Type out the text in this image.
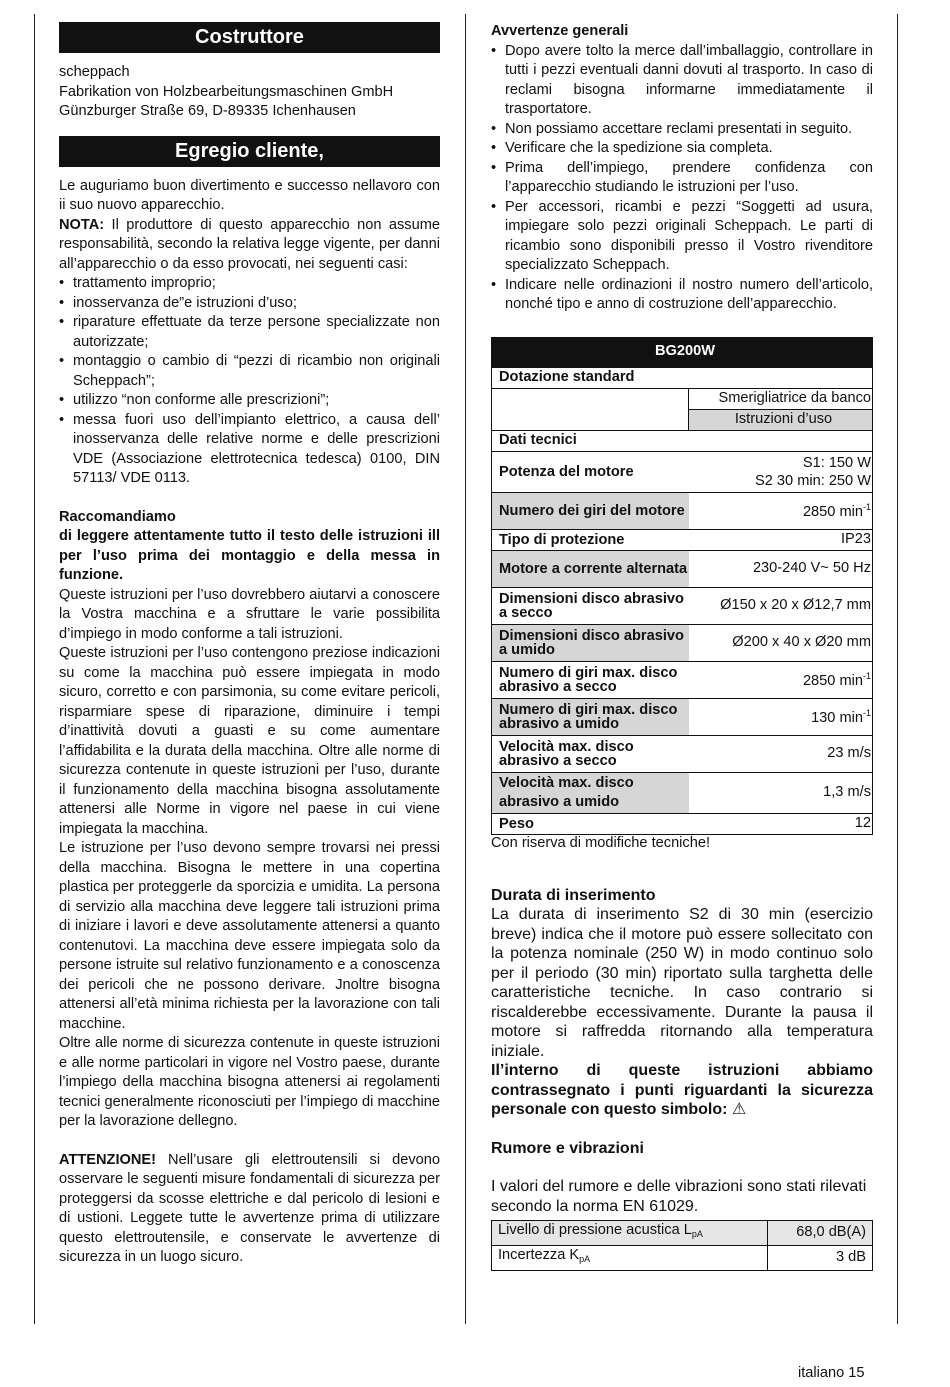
Costruttore

scheppach

Fabrikation von Holzbearbeitungsmaschinen GmbH

Günzburger Straße 69, D-89335 Ichenhausen

Egregio cliente,

Le auguriamo buon divertimento e successo nellavoro con ii suo nuovo apparecchio.

NOTA: Il produttore di questo apparecchio non assume responsabilità, secondo la relativa legge vigente, per danni all’apparecchio o da esso provocati, nei seguenti casi:

• trattamento improprio;
• inosservanza de”e istruzioni d’uso;
• riparature effettuate da terze persone specializzate non autorizzate;
• montaggio o cambio di “pezzi di ricambio non originali Scheppach”;
• utilizzo “non conforme alle prescrizioni”;
• messa fuori uso dell’impianto elettrico, a causa dell’ inosservanza delle relative norme e delle prescrizioni VDE (Associazione elettrotecnica tedesca) 0100, DIN 57113/ VDE 0113.

Raccomandiamo

di leggere attentamente tutto il testo delle istruzioni ill per l’uso prima dei montaggio e della messa in funzione.

Queste istruzioni per l’uso dovrebbero aiutarvi a conoscere la Vostra macchina e a sfruttare le varie possibilita d’impiego in modo conforme a tali istruzioni.

Queste istruzioni per l’uso contengono preziose indicazioni su come la macchina può essere impiegata in modo sicuro, corretto e con parsimonia, su come evitare pericoli, risparmiare spese di riparazione, diminuire i tempi d’inattività dovuti a guasti e su come aumentare l’affidabilita e la durata della macchina. Oltre alle norme di sicurezza contenute in queste istruzioni per l’uso, durante il funzionamento della macchina bisogna assolutamente attenersi alle Norme in vigore nel paese in cui viene impiegata la macchina.

Le istruzione per l’uso devono sempre trovarsi nei pressi della macchina. Bisogna le mettere in una copertina plastica per proteggerle da sporcizia e umidita. La persona di servizio alla macchina deve leggere tali istruzioni prima di iniziare i lavori e deve assolutamente attenersi a quanto contenutovi. La macchina deve essere impiegata solo da persone istruite sul relativo funzionamento e a conoscenza dei pericoli che ne possono derivare. Jnoltre bisogna attenersi all’età minima richiesta per la lavorazione con tali macchine.

Oltre alle norme di sicurezza contenute in queste istruzioni e alle norme particolari in vigore nel Vostro paese, durante l’impiego della macchina bisogna attenersi ai regolamenti tecnici generalmente riconosciuti per l’impiego di macchine per la lavorazione dellegno.

ATTENZIONE! Nell’usare gli elettroutensili si devono osservare le seguenti misure fondamentali di sicurezza per proteggersi da scosse elettriche e dal pericolo di lesioni e di ustioni. Leggete tutte le avvertenze prima di utilizzare questo elettroutensile, e conservate le avvertenze di sicurezza in un luogo sicuro.

Avvertenze generali

• Dopo avere tolto la merce dall’imballaggio, controllare in tutti i pezzi eventuali danni dovuti al trasporto. In caso di reclami bisogna informarne immediatamente il trasportatore.
• Non possiamo accettare reclami presentati in seguito.
• Verificare che la spedizione sia completa.
• Prima dell’impiego, prendere confidenza con l’apparecchio studiando le istruzioni per l’uso.
• Per accessori, ricambi e pezzi “Soggetti ad usura, impiegare solo pezzi originali Scheppach. Le parti di ricambio sono disponibili presso il Vostro rivenditore specializzato Scheppach.
• Indicare nelle ordinazioni il nostro numero dell’articolo, nonché tipo e anno di costruzione dell’apparecchio.
BG200W	
Dotazione standard	
	Smerigliatrice da banco
	Istruzioni d’uso
Dati tecnici	
Potenza del motore	S1: 150 W
S2 30 min: 250 W

Numero dei giri del motore	2850 $\min^{-1}$
Tipo di protezione	IP23
Motore a corrente alternata	230-240 V~ 50 Hz
Dimensioni disco abrasivo a secco	Ø150 x 20 x Ø12,7 mm
Dimensioni disco abrasivo a umido	Ø200 x 40 x Ø20 mm
Numero di giri max. disco abrasivo a secco	2850 $\min^{-1}$
Numero di giri max. disco abrasivo a umido	130 $\min^{-1}$
Velocità max. disco abrasivo a secco	23 m/s
Velocità max. disco abrasivo a umido	1,3 m/s
Peso	12

Con riserva di modifiche tecniche!

Durata di inserimento

La durata di inserimento S2 di 30 min (esercizio breve) indica che il motore può essere sollecitato con la potenza nominale (250 W) in modo continuo solo per il periodo (30 min) riportato sulla targhetta delle caratteristiche tecniche. In caso contrario si riscalderebbe eccessivamente. Durante la pausa il motore si raffredda ritornando alla temperatura iniziale.

Il’interno di queste istruzioni abbiamo contrassegnato i punti riguardanti la sicurezza personale con questo simbolo: ⚠

Rumore e vibrazioni

I valori del rumore e delle vibrazioni sono stati rilevati secondo la norma EN 61029.

Livello di pressione acustica $L_{pA}$	68,0 dB(A)
Incertezza $K_{pA}$	3 dB
italiano 15
